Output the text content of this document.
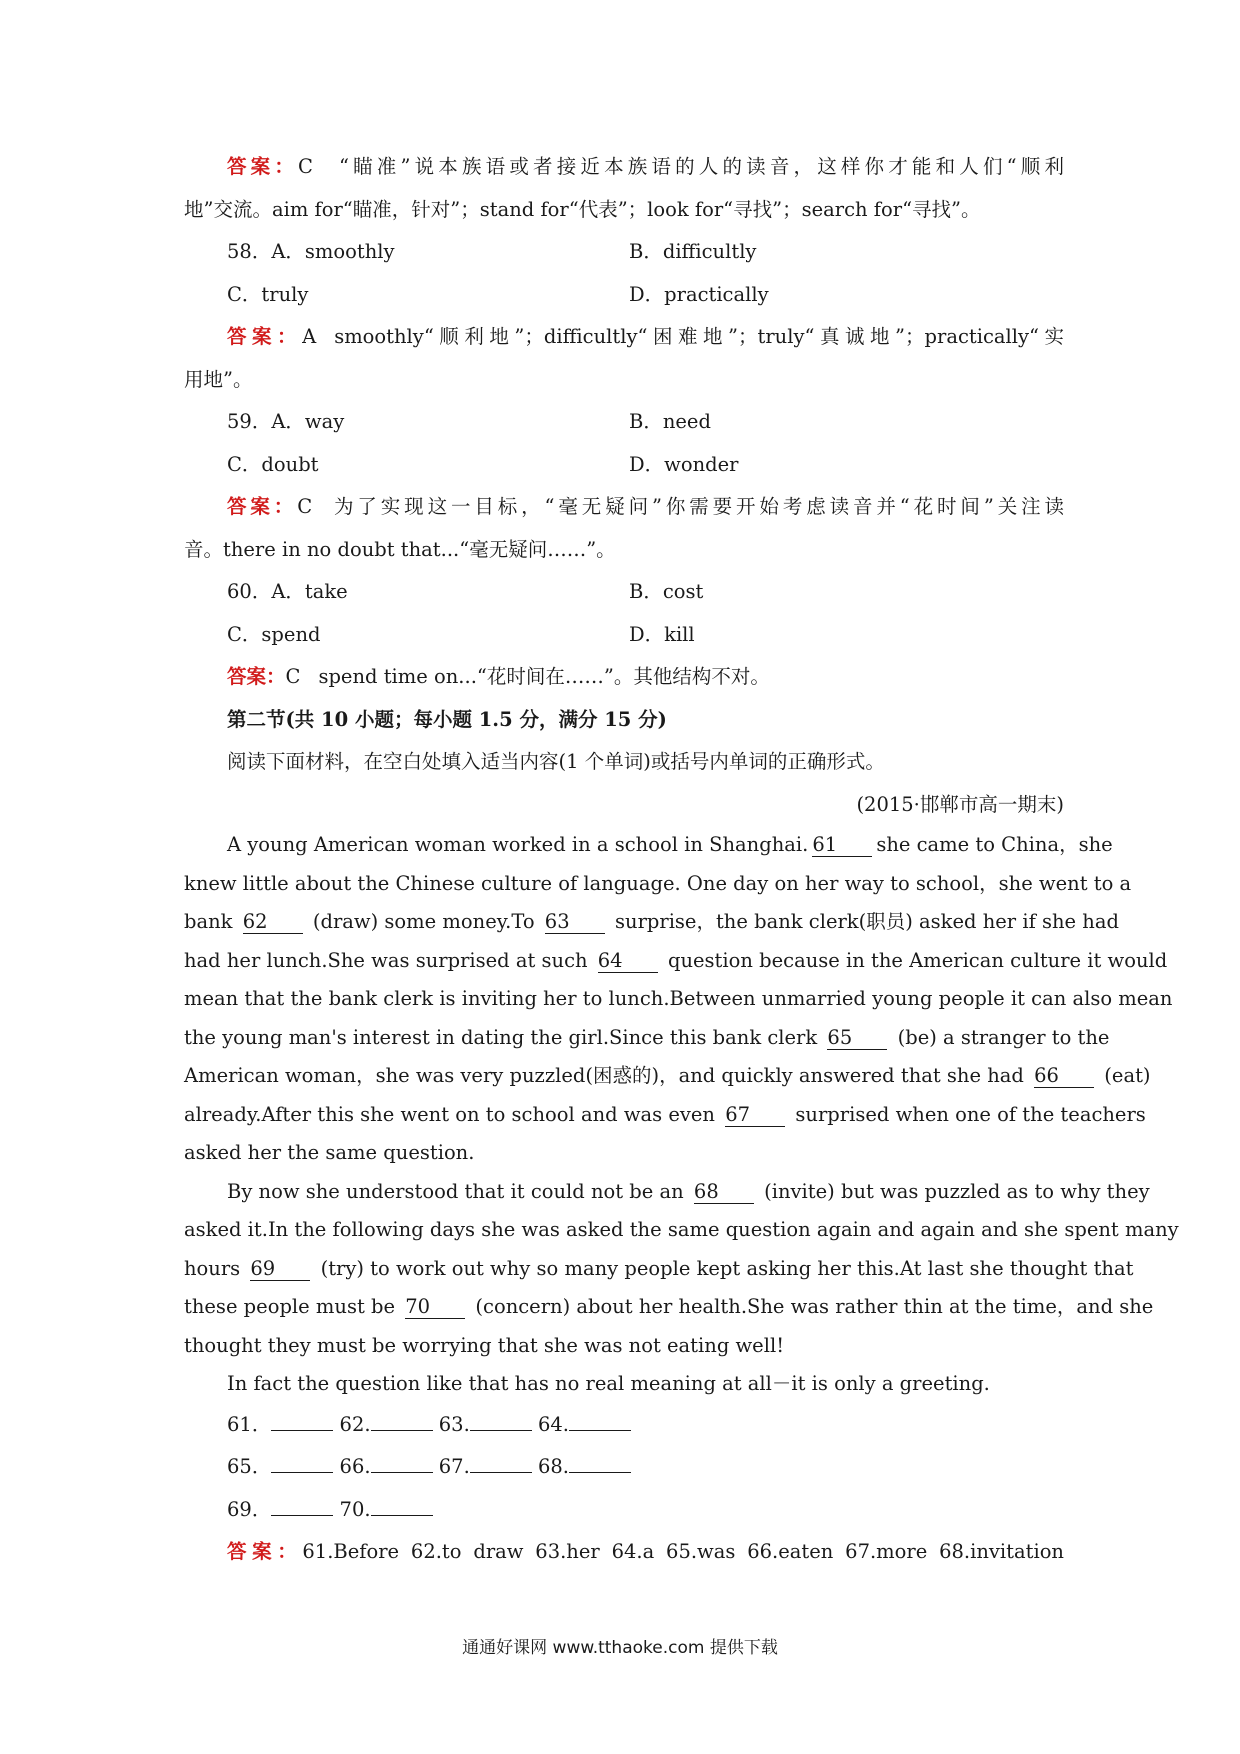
答案：C “瞄准”说本族语或者接近本族语的人的读音，这样你才能和人们“顺利
地”交流。aim for“瞄准，针对”；stand for“代表”；look for“寻找”；search for“寻找”。
58．A．smoothly	B．difficultly
C．truly	D．practically
答案：A smoothly“顺利地”；difficultly“困难地”；truly“真诚地”；practically“实
用地”。
59．A．way	B．need
C．doubt	D．wonder
答案：C 为了实现这一目标，“毫无疑问”你需要开始考虑读音并“花时间”关注读
音。there in no doubt that...“毫无疑问……”。
60．A．take	B．cost
C．spend	D．kill
答案：C spend time on...“花时间在……”。其他结构不对。
第二节(共 10 小题；每小题 1.5 分，满分 15 分)
阅读下面材料，在空白处填入适当内容(1 个单词)或括号内单词的正确形式。
(2015·邯郸市高一期末)
A young American woman worked in a school in Shanghai. 61 she came to China，she
knew little about the Chinese culture of language. One day on her way to school，she went to a
bank 62 (draw) some money.To 63 surprise，the bank clerk(职员) asked her if she had
had her lunch.She was surprised at such 64 question because in the American culture it would
mean that the bank clerk is inviting her to lunch.Between unmarried young people it can also mean
the young man's interest in dating the girl.Since this bank clerk 65 (be) a stranger to the
American woman，she was very puzzled(困惑的)，and quickly answered that she had 66 (eat)
already.After this she went on to school and was even 67 surprised when one of the teachers
asked her the same question.
By now she understood that it could not be an 68 (invite) but was puzzled as to why they
asked it.In the following days she was asked the same question again and again and she spent many
hours 69 (try) to work out why so many people kept asking her this.At last she thought that
these people must be 70 (concern) about her health.She was rather thin at the time，and she
thought they must be worrying that she was not eating well!
In fact the question like that has no real meaning at all－it is only a greeting.
61．	62.	63.	64.
65．	66.	67.	68.
69．	70.
答案：61.Before 62.to draw 63.her 64.a 65.was 66.eaten 67.more 68.invitation
通通好课网 www.tthaoke.com 提供下载
